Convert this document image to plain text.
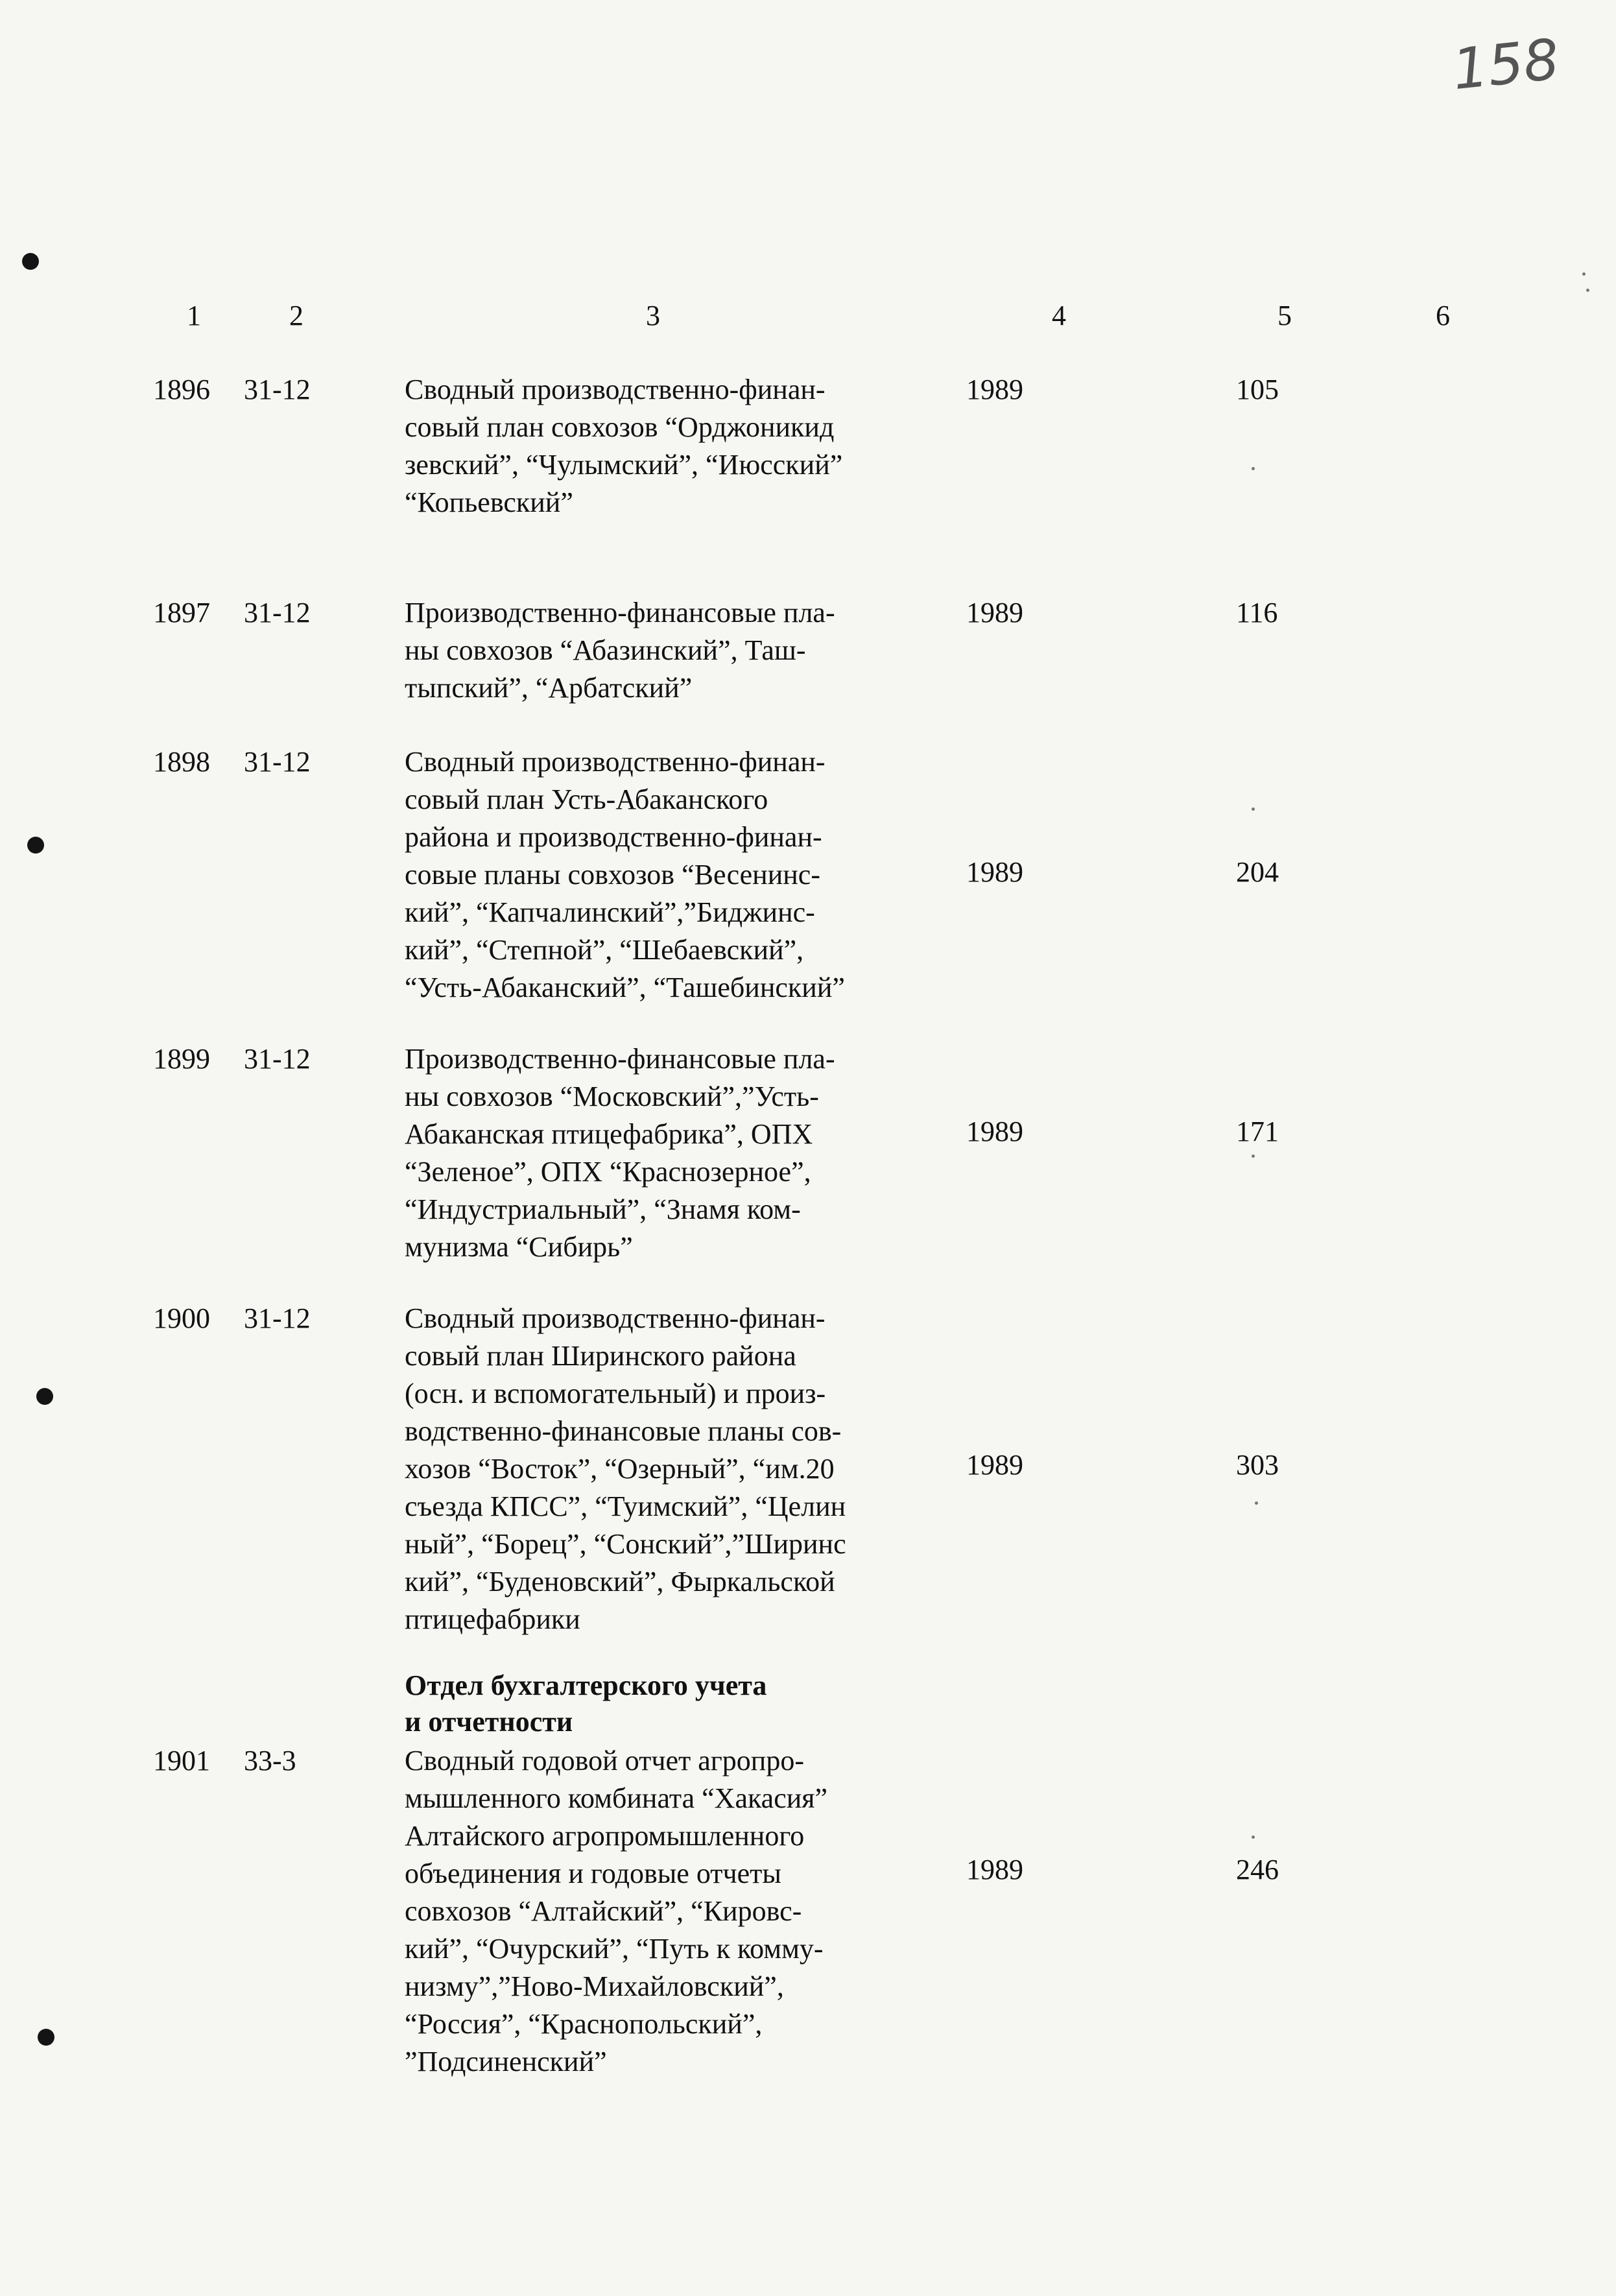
158
1	2	3	4	5	6
1896 31-12	Сводный производственно-финан-
совый план совхозов “Орджоникид
зевский”, “Чулымский”, “Июсский”
“Копьевский”
1989	105
1897 31-12	Производственно-финансовые пла-
ны совхозов “Абазинский”, Таш-
тыпский”, “Арбатский”
1989	116
1898 31-12	Сводный производственно-финан-
совый план Усть-Абаканского
района и производственно-финан-
совые планы совхозов “Весенинс-
кий”, “Капчалинский”,”Биджинс-
кий”, “Степной”, “Шебаевский”,
“Усть-Абаканский”, “Ташебинский”
1989	204
1899 31-12	Производственно-финансовые пла-
ны совхозов “Московский”,”Усть-
Абаканская птицефабрика”, ОПХ
“Зеленое”, ОПХ “Краснозерное”,
“Индустриальный”, “Знамя ком-
мунизма “Сибирь”
1989	171
1900 31-12	Сводный производственно-финан-
совый план Ширинского района
(осн. и вспомогательный) и произ-
водственно-финансовые планы сов-
хозов “Восток”, “Озерный”, “им.20
съезда КПСС”, “Туимский”, “Целин
ный”, “Борец”, “Сонский”,”Ширинс
кий”, “Буденовский”, Фыркальской
птицефабрики
1989	303
Отдел бухгалтерского учета
и отчетности
1901 33-3	Сводный годовой отчет агропро-
мышленного комбината “Хакасия”
Алтайского агропромышленного
объединения и годовые отчеты
совхозов “Алтайский”, “Кировс-
кий”, “Очурский”, “Путь к комму-
низму”,”Ново-Михайловский”,
“Россия”, “Краснопольский”,
”Подсиненский”
1989	246
